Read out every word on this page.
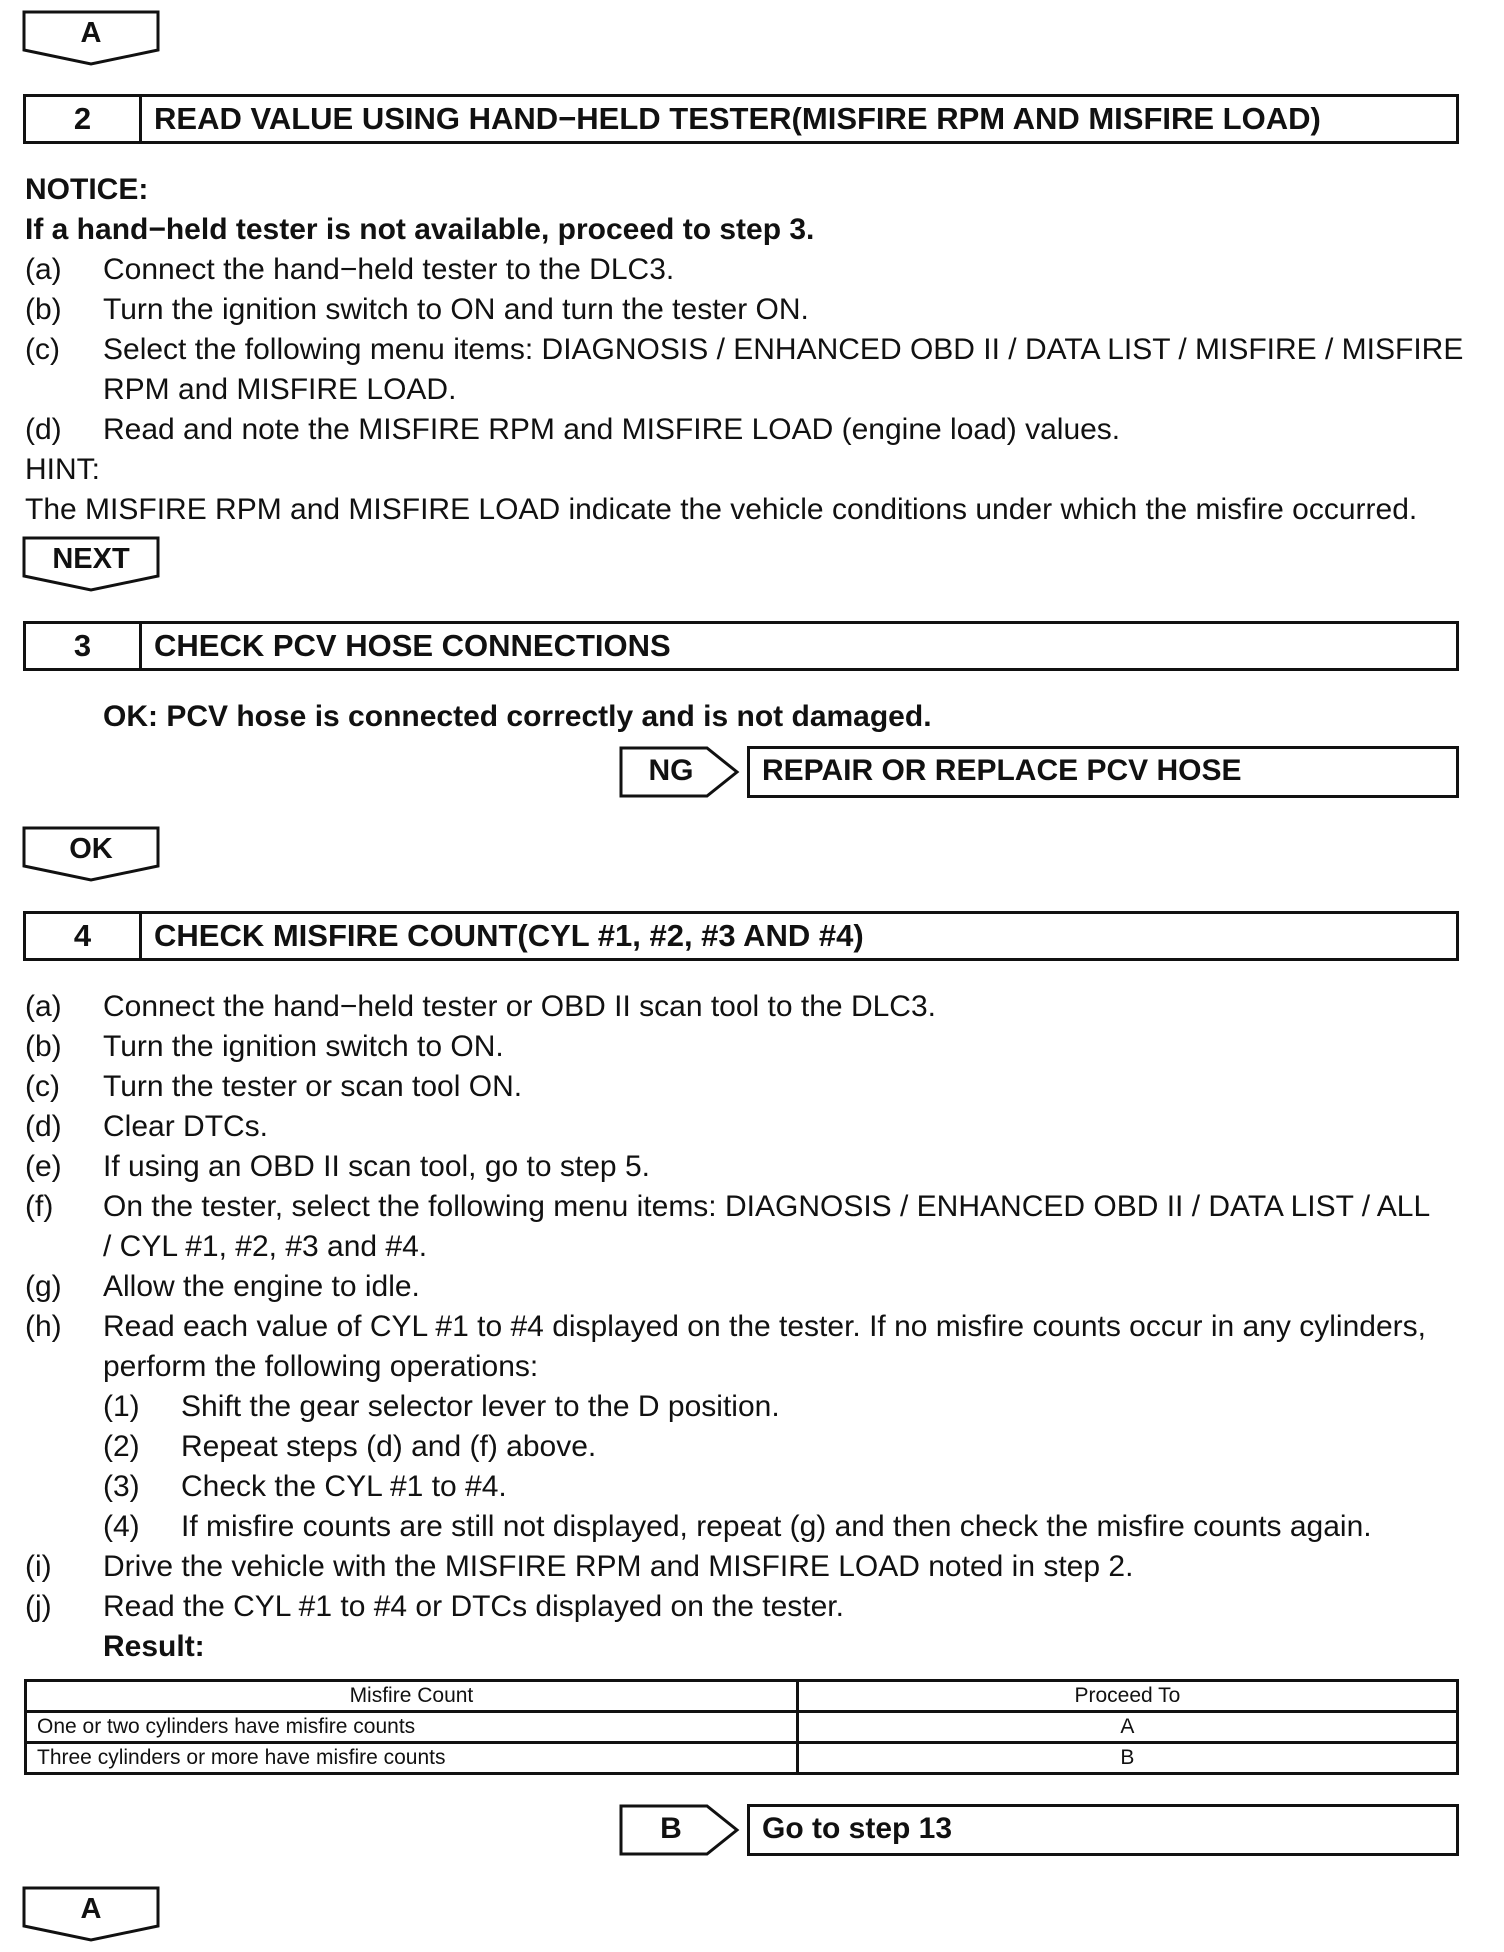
A
2	READ VALUE USING HAND−HELD TESTER(MISFIRE RPM AND MISFIRE LOAD)
NOTICE:
If a hand−held tester is not available, proceed to step 3.
(a) Connect the hand−held tester to the DLC3.
(b) Turn the ignition switch to ON and turn the tester ON.
(c) Select the following menu items: DIAGNOSIS / ENHANCED OBD II / DATA LIST / MISFIRE / MISFIRE
RPM and MISFIRE LOAD.
(d) Read and note the MISFIRE RPM and MISFIRE LOAD (engine load) values.
HINT:
The MISFIRE RPM and MISFIRE LOAD indicate the vehicle conditions under which the misfire occurred.
NEXT
3	CHECK PCV HOSE CONNECTIONS
OK: PCV hose is connected correctly and is not damaged.
NG	REPAIR OR REPLACE PCV HOSE
OK
4	CHECK MISFIRE COUNT(CYL #1, #2, #3 AND #4)
(a) Connect the hand−held tester or OBD II scan tool to the DLC3.
(b) Turn the ignition switch to ON.
(c) Turn the tester or scan tool ON.
(d) Clear DTCs.
(e) If using an OBD II scan tool, go to step 5.
(f) On the tester, select the following menu items: DIAGNOSIS / ENHANCED OBD II / DATA LIST / ALL
/ CYL #1, #2, #3 and #4.
(g) Allow the engine to idle.
(h) Read each value of CYL #1 to #4 displayed on the tester. If no misfire counts occur in any cylinders,
perform the following operations:
(1) Shift the gear selector lever to the D position.
(2) Repeat steps (d) and (f) above.
(3) Check the CYL #1 to #4.
(4) If misfire counts are still not displayed, repeat (g) and then check the misfire counts again.
(i) Drive the vehicle with the MISFIRE RPM and MISFIRE LOAD noted in step 2.
(j) Read the CYL #1 to #4 or DTCs displayed on the tester.
Result:
Misfire Count	Proceed To
One or two cylinders have misfire counts	A
Three cylinders or more have misfire counts	B
B	Go to step 13
A
